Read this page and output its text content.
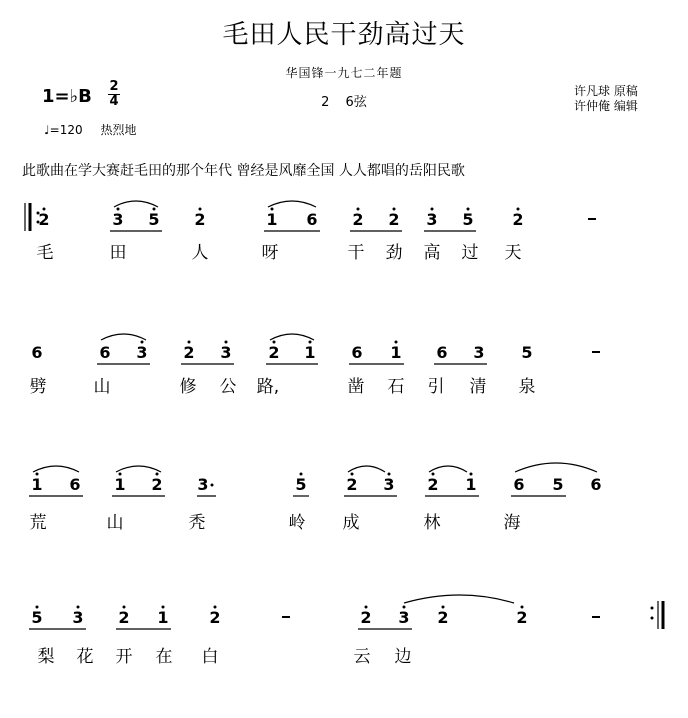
毛田人民干劲高过天
华国锋一九七二年题
2 6弦
许凡球 原稿
许仲俺 编辑
1=♭B 2
4
♩=120 热烈地
此歌曲在学大赛赶毛田的那个年代 曾经是风靡全国 人人都唱的岳阳民歌
2	3 5 2	1 6 2 2 3 5 2
毛	田	人	呀	干 劲 高 过 天
6	6 3 2 3 2 1 6 1 6 3 5
劈	山	修 公 路,	凿 石 引 清 泉
1 6 1 2 3	5 2 3 2 1 6 5 6
荒	山	秃	岭 成	林	海
5 3 2 1	2	2 3 2	2
梨 花 开 在 白	云 边
